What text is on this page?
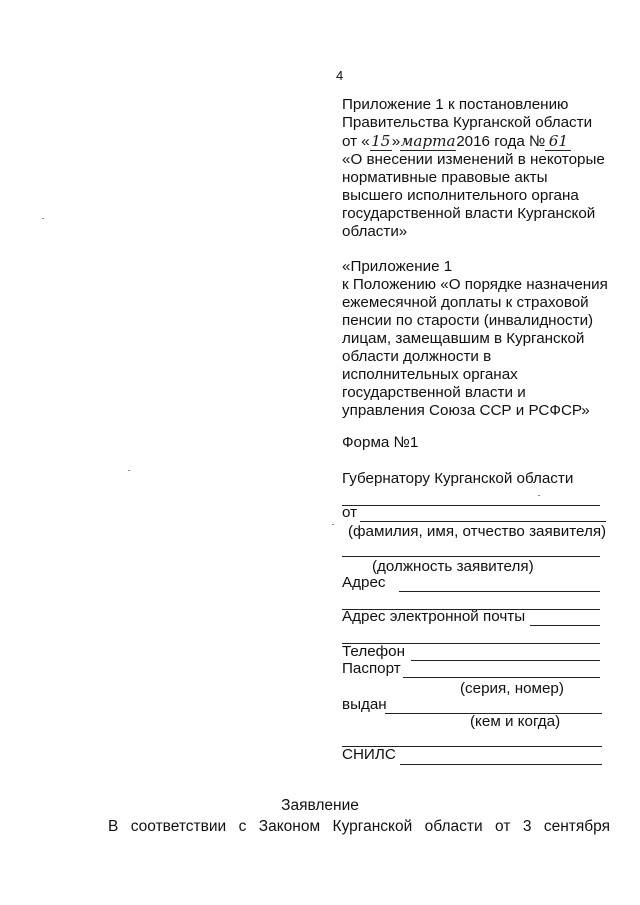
4

Приложение 1 к постановлению

Правительства Курганской области

от «15»марта2016 года № 61

«О внесении изменений в некоторые

нормативные правовые акты

высшего исполнительного органа

государственной власти Курганской

области»

«Приложение 1

к Положению «О порядке назначения

ежемесячной доплаты к страховой

пенсии по старости (инвалидности)

лицам, замещавшим в Курганской

области должности в

исполнительных органах

государственной власти и

управления Союза ССР и РСФСР»

Форма №1
Губернатору Курганской области
от
(фамилия, имя, отчество заявителя)
(должность заявителя)
Адрес
Адрес электронной почты
Телефон
Паспорт
(серия, номер)
выдан
(кем и когда)
СНИЛС
Заявление
В соответствии с Законом Курганской области от 3 сентября
